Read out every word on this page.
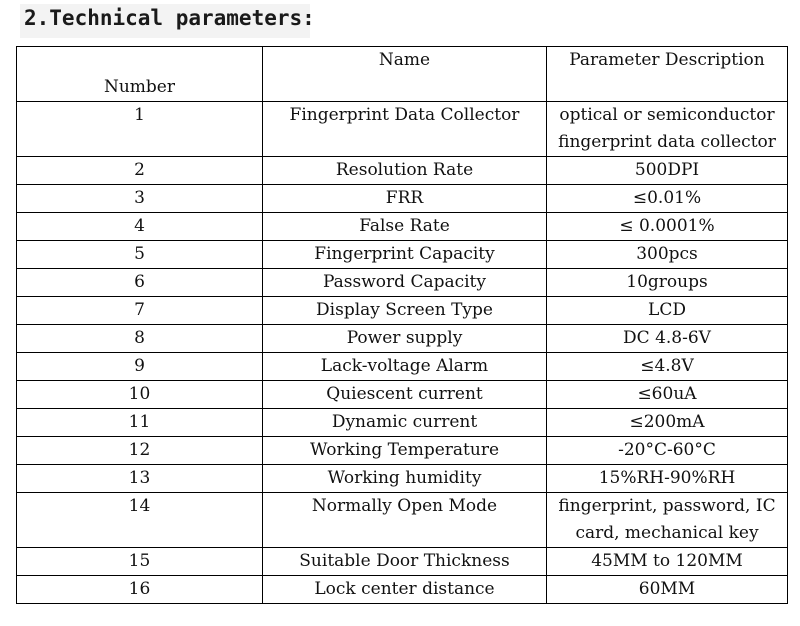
2.Technical parameters:
Number	Name	Parameter Description
1	Fingerprint Data Collector	optical or semiconductor
fingerprint data collector

2	Resolution Rate	500DPI

3	FRR	≤0.01%

4	False Rate	≤ 0.0001%

5	Fingerprint Capacity	300pcs

6	Password Capacity	10groups

7	Display Screen Type	LCD

8	Power supply	DC 4.8-6V

9	Lack-voltage Alarm	≤4.8V

10	Quiescent current	≤60uA

11	Dynamic current	≤200mA

12	Working Temperature	-20°C-60°C

13	Working humidity	15%RH-90%RH

14	Normally Open Mode	fingerprint, password, IC
card, mechanical key

15	Suitable Door Thickness	45MM to 120MM

16	Lock center distance	60MM
